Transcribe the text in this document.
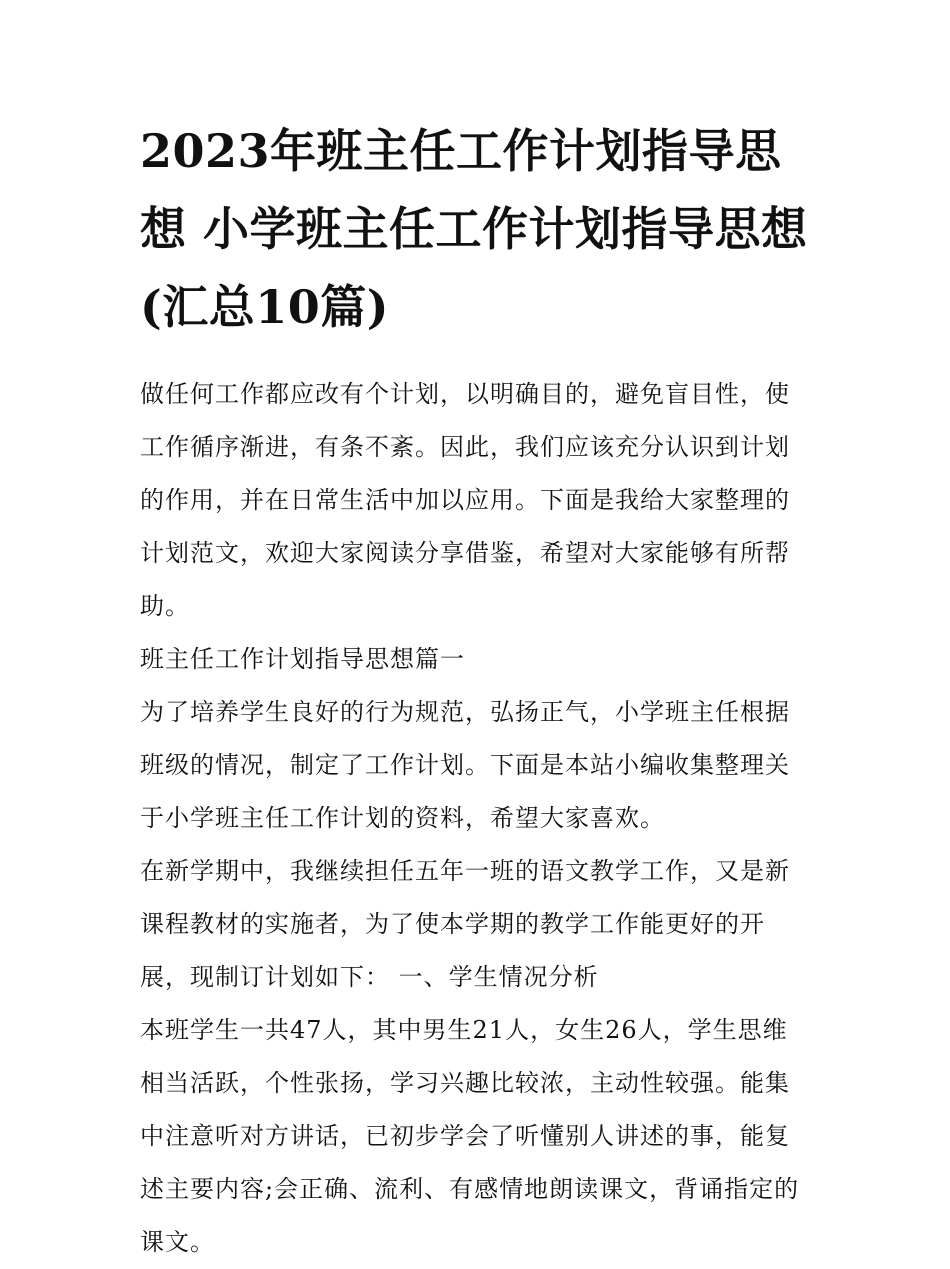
2023年班主任工作计划指导思想 小学班主任工作计划指导思想(汇总10篇)

做任何工作都应改有个计划，以明确目的，避免盲目性，使工作循序渐进，有条不紊。因此，我们应该充分认识到计划的作用，并在日常生活中加以应用。下面是我给大家整理的计划范文，欢迎大家阅读分享借鉴，希望对大家能够有所帮助。

班主任工作计划指导思想篇一

为了培养学生良好的行为规范，弘扬正气，小学班主任根据班级的情况，制定了工作计划。下面是本站小编收集整理关于小学班主任工作计划的资料，希望大家喜欢。

在新学期中，我继续担任五年一班的语文教学工作，又是新课程教材的实施者，为了使本学期的教学工作能更好的开展，现制订计划如下： 一、学生情况分析

本班学生一共47人，其中男生21人，女生26人，学生思维相当活跃，个性张扬，学习兴趣比较浓，主动性较强。能集中注意听对方讲话，已初步学会了听懂别人讲述的事，能复述主要内容;会正确、流利、有感情地朗读课文，背诵指定的课文。
